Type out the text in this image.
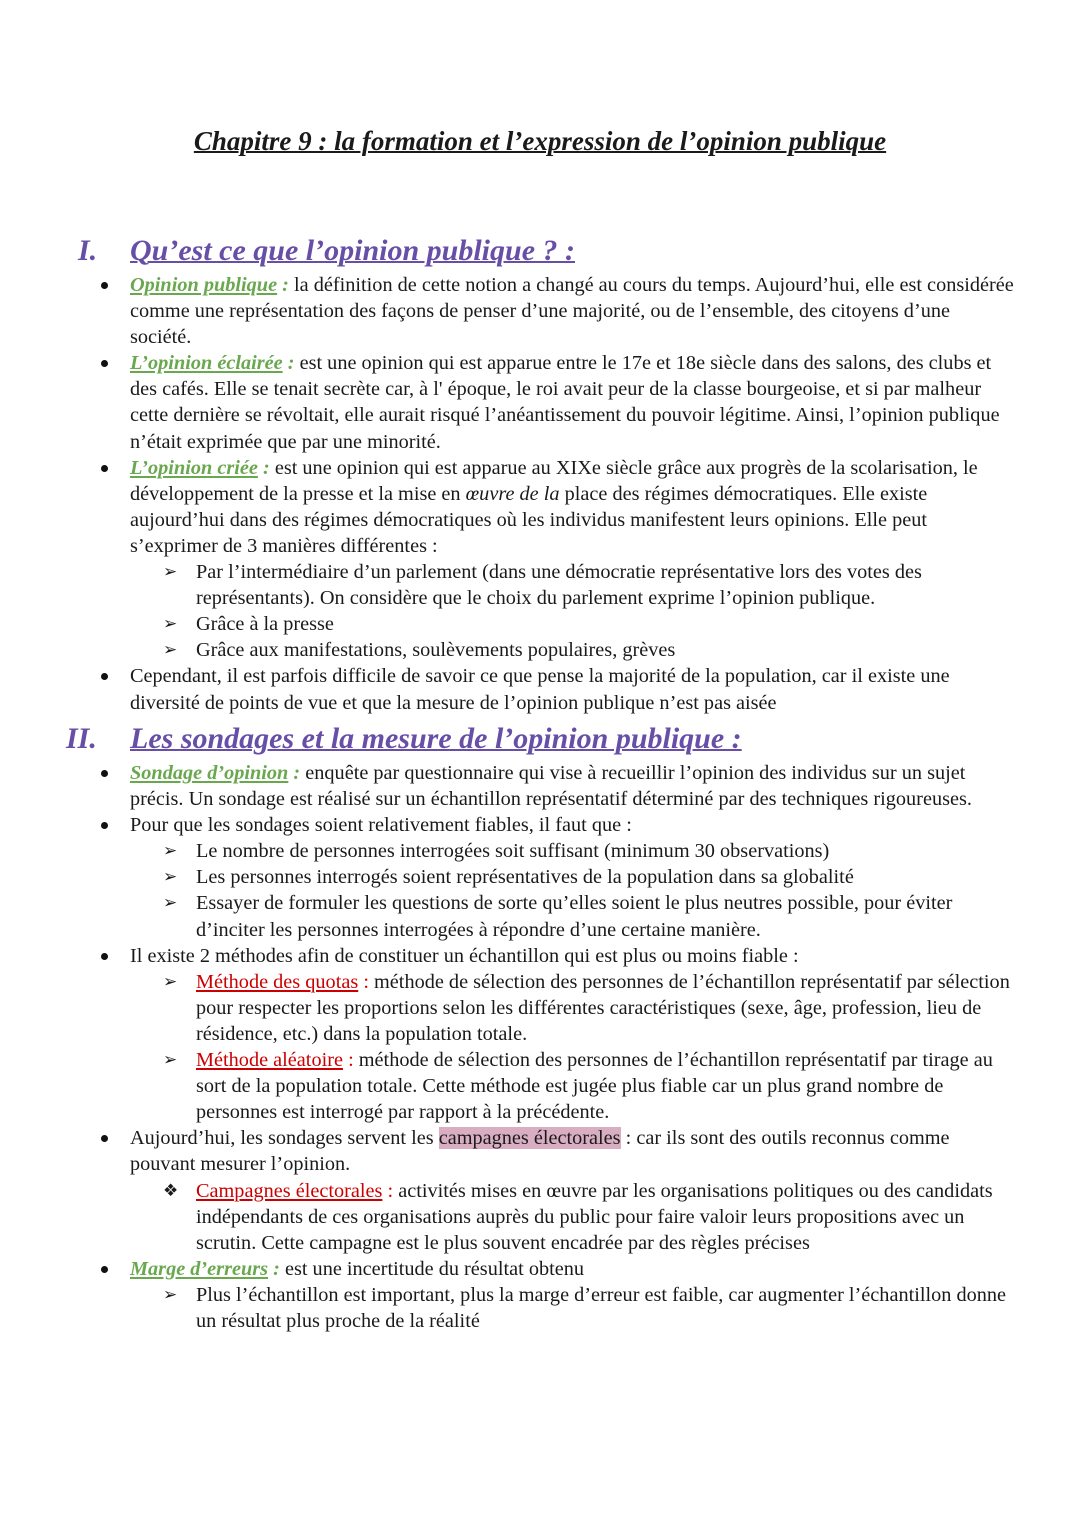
Chapitre 9 : la formation et l’expression de l’opinion publique
I. Qu’est ce que l’opinion publique ? :
Opinion publique : la définition de cette notion a changé au cours du temps. Aujourd’hui, elle est considérée comme une représentation des façons de penser d’une majorité, ou de l’ensemble, des citoyens d’une société.
L’opinion éclairée : est une opinion qui est apparue entre le 17e et 18e siècle dans des salons, des clubs et des cafés. Elle se tenait secrète car, à l' époque, le roi avait peur de la classe bourgeoise, et si par malheur cette dernière se révoltait, elle aurait risqué l’anéantissement du pouvoir légitime. Ainsi, l’opinion publique n’était exprimée que par une minorité.
L’opinion criée : est une opinion qui est apparue au XIXe siècle grâce aux progrès de la scolarisation, le développement de la presse et la mise en œuvre de la place des régimes démocratiques. Elle existe aujourd’hui dans des régimes démocratiques où les individus manifestent leurs opinions. Elle peut s’exprimer de 3 manières différentes :
➢ Par l’intermédiaire d’un parlement (dans une démocratie représentative lors des votes des représentants). On considère que le choix du parlement exprime l’opinion publique.
➢ Grâce à la presse
➢ Grâce aux manifestations, soulèvements populaires, grèves
Cependant, il est parfois difficile de savoir ce que pense la majorité de la population, car il existe une diversité de points de vue et que la mesure de l’opinion publique n’est pas aisée
II. Les sondages et la mesure de l’opinion publique :
Sondage d’opinion : enquête par questionnaire qui vise à recueillir l’opinion des individus sur un sujet précis. Un sondage est réalisé sur un échantillon représentatif déterminé par des techniques rigoureuses.
Pour que les sondages soient relativement fiables, il faut que :
➢ Le nombre de personnes interrogées soit suffisant (minimum 30 observations)
➢ Les personnes interrogés soient représentatives de la population dans sa globalité
➢ Essayer de formuler les questions de sorte qu’elles soient le plus neutres possible, pour éviter d’inciter les personnes interrogées à répondre d’une certaine manière.
Il existe 2 méthodes afin de constituer un échantillon qui est plus ou moins fiable :
➢ Méthode des quotas : méthode de sélection des personnes de l’échantillon représentatif par sélection pour respecter les proportions selon les différentes caractéristiques (sexe, âge, profession, lieu de résidence, etc.) dans la population totale.
➢ Méthode aléatoire : méthode de sélection des personnes de l’échantillon représentatif par tirage au sort de la population totale. Cette méthode est jugée plus fiable car un plus grand nombre de personnes est interrogé par rapport à la précédente.
Aujourd’hui, les sondages servent les campagnes électorales : car ils sont des outils reconnus comme pouvant mesurer l’opinion.
❖ Campagnes électorales : activités mises en œuvre par les organisations politiques ou des candidats indépendants de ces organisations auprès du public pour faire valoir leurs propositions avec un scrutin. Cette campagne est le plus souvent encadrée par des règles précises
Marge d’erreurs : est une incertitude du résultat obtenu
➢ Plus l’échantillon est important, plus la marge d’erreur est faible, car augmenter l’échantillon donne un résultat plus proche de la réalité
